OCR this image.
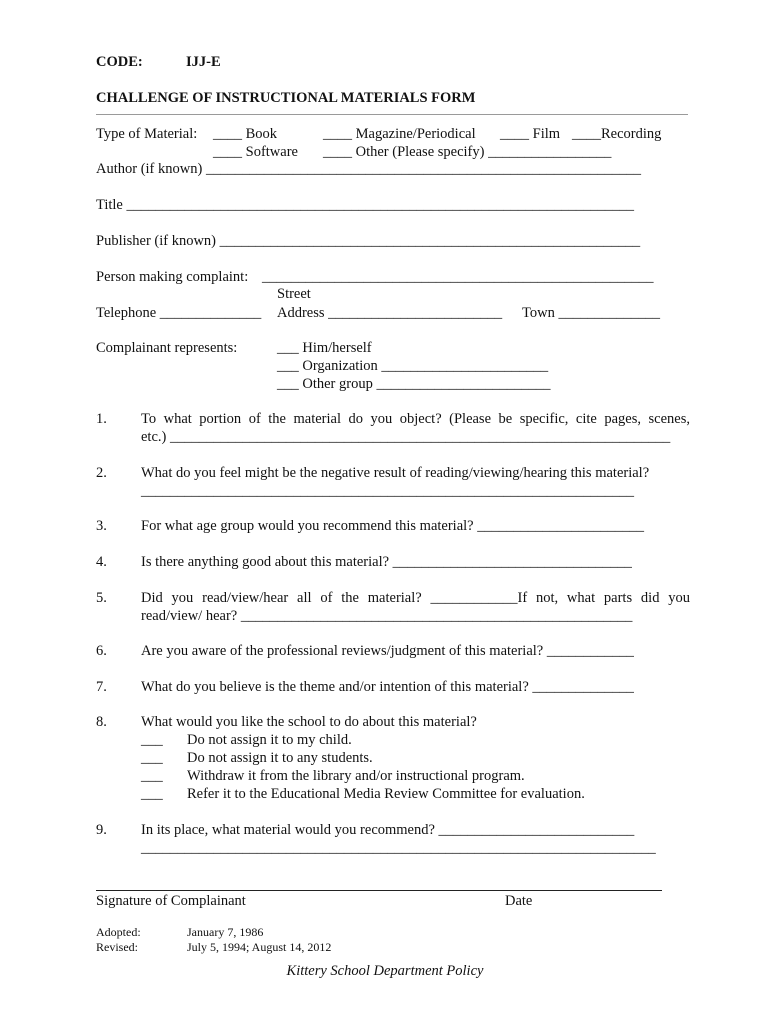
CODE:	IJJ-E
CHALLENGE OF INSTRUCTIONAL MATERIALS FORM
Type of Material: ____ Book	____ Magazine/Periodical ____ Film ____Recording
____ Software ____ Other (Please specify) _________________
Author (if known) ____________________________________________________________
Title ______________________________________________________________________
Publisher (if known) __________________________________________________________
Person making complaint: ______________________________________________________
Street
Telephone ______________ Address ________________________ Town ______________
Complainant represents:	___ Him/herself
___ Organization _______________________
___ Other group ________________________
1. To what portion of the material do you object? (Please be specific, cite pages, scenes,
etc.) _____________________________________________________________________
2. What do you feel might be the negative result of reading/viewing/hearing this material?
____________________________________________________________________
3. For what age group would you recommend this material? _______________________
4. Is there anything good about this material? _________________________________
5. Did you read/view/hear all of the material? ____________If not, what parts did you
read/view/ hear? ______________________________________________________
6. Are you aware of the professional reviews/judgment of this material? ____________
7. What do you believe is the theme and/or intention of this material? ______________
8. What would you like the school to do about this material?
___ Do not assign it to my child.
___ Do not assign it to any students.
___ Withdraw it from the library and/or instructional program.
___ Refer it to the Educational Media Review Committee for evaluation.
9. In its place, what material would you recommend? ___________________________
_______________________________________________________________________
Signature of Complainant	Date
Adopted:	January 7, 1986
Revised:	July 5, 1994; August 14, 2012
Kittery School Department Policy
